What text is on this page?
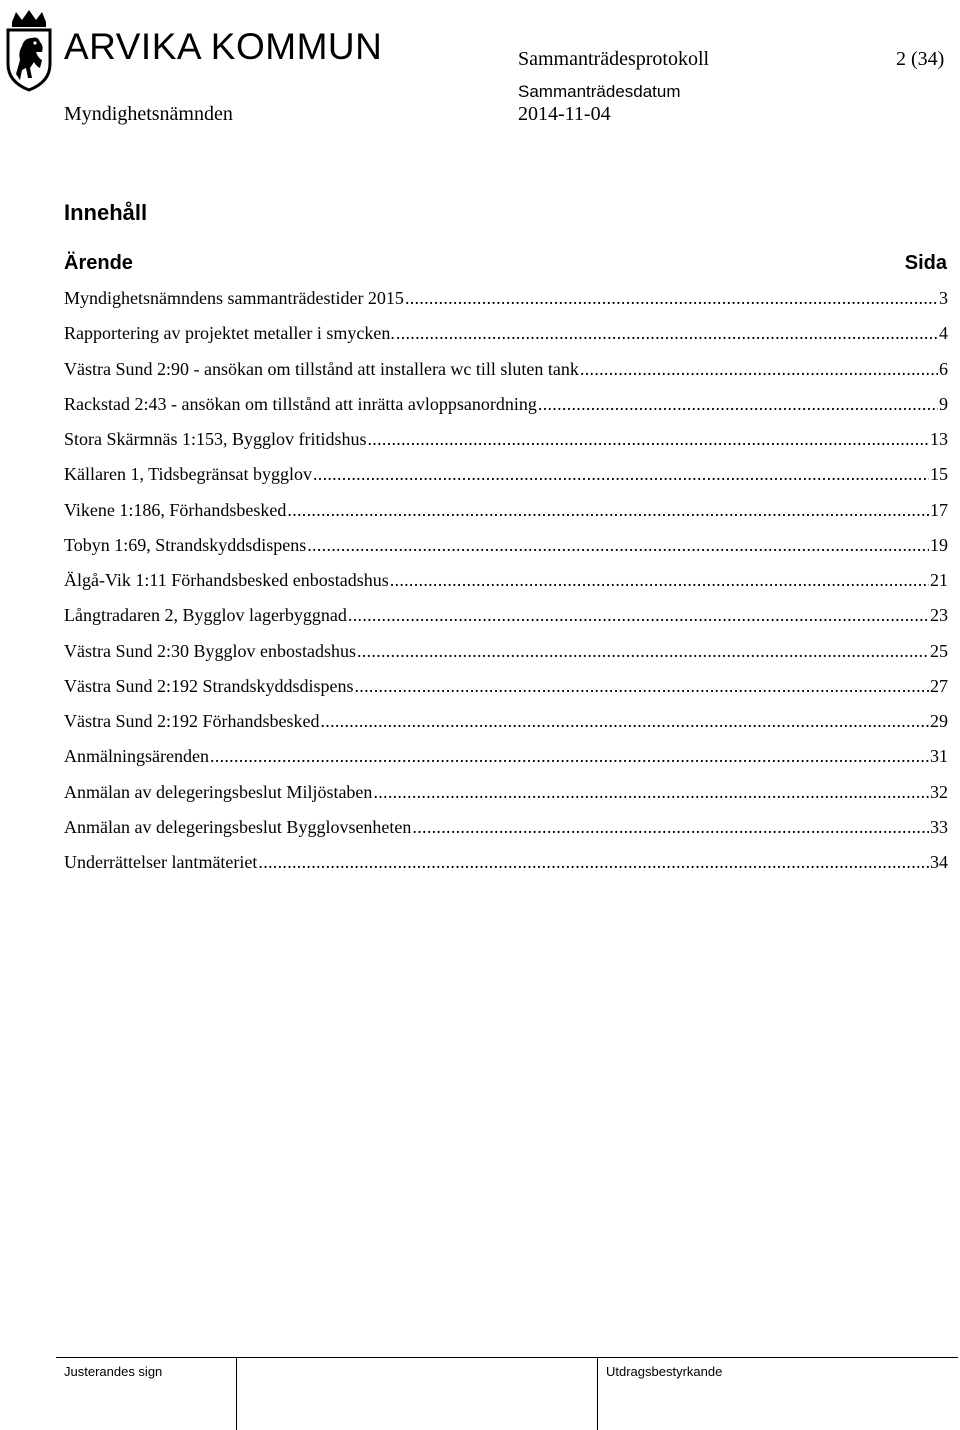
ARVIKA KOMMUN	Sammanträdesprotokoll	2 (34)
Sammanträdesdatum
Myndighetsnämnden	2014-11-04
Innehåll
Ärende	Sida
Myndighetsnämndens sammanträdestider 2015 .....	3
Rapportering av projektet metaller i smycken. .....	4
Västra Sund 2:90 - ansökan om tillstånd att installera wc till sluten tank .....	6
Rackstad 2:43 - ansökan om tillstånd att inrätta avloppsanordning .....	9
Stora Skärmnäs 1:153, Bygglov fritidshus .....	13
Källaren 1, Tidsbegränsat bygglov .....	15
Vikene 1:186, Förhandsbesked .....	17
Tobyn 1:69, Strandskyddsdispens .....	19
Älgå-Vik 1:11 Förhandsbesked enbostadshus .....	21
Långtradaren 2, Bygglov lagerbyggnad .....	23
Västra Sund 2:30 Bygglov enbostadshus .....	25
Västra Sund 2:192 Strandskyddsdispens .....	27
Västra Sund 2:192 Förhandsbesked .....	29
Anmälningsärenden .....	31
Anmälan av delegeringsbeslut Miljöstaben .....	32
Anmälan av delegeringsbeslut Bygglovsenheten .....	33
Underrättelser lantmäteriet .....	34
Justerandes sign	Utdragsbestyrkande
